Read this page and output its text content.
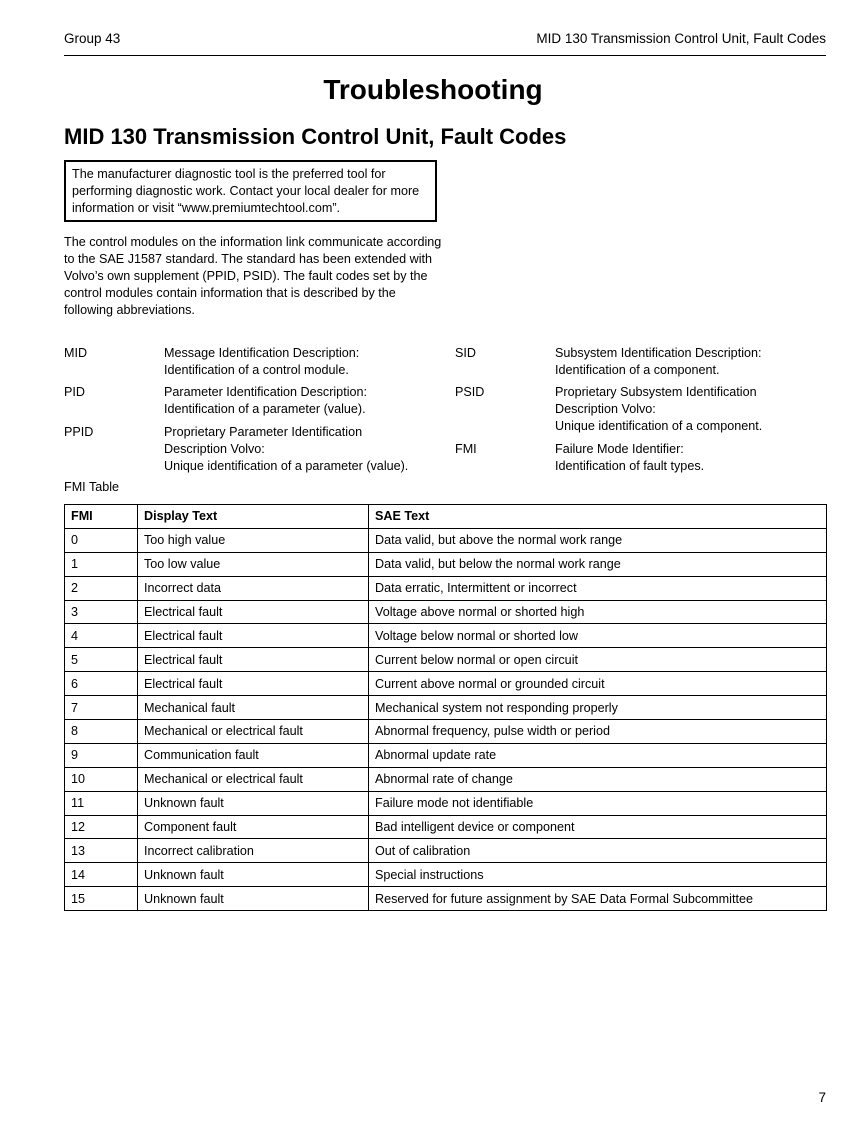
Group 43	MID 130 Transmission Control Unit, Fault Codes
Troubleshooting
MID 130 Transmission Control Unit, Fault Codes
The manufacturer diagnostic tool is the preferred tool for performing diagnostic work. Contact your local dealer for more information or visit “www.premiumtechtool.com”.
The control modules on the information link communicate according to the SAE J1587 standard. The standard has been extended with Volvo’s own supplement (PPID, PSID). The fault codes set by the control modules contain information that is described by the following abbreviations.
MID	Message Identification Description:
Identification of a control module.
PID	Parameter Identification Description:
Identification of a parameter (value).
PPID	Proprietary Parameter Identification
Description Volvo:
Unique identification of a parameter (value).
SID	Subsystem Identification Description:
Identification of a component.
PSID	Proprietary Subsystem Identification
Description Volvo:
Unique identification of a component.
FMI	Failure Mode Identifier:
Identification of fault types.
FMI Table
FMI	Display Text	SAE Text
0	Too high value	Data valid, but above the normal work range
1	Too low value	Data valid, but below the normal work range
2	Incorrect data	Data erratic, Intermittent or incorrect
3	Electrical fault	Voltage above normal or shorted high
4	Electrical fault	Voltage below normal or shorted low
5	Electrical fault	Current below normal or open circuit
6	Electrical fault	Current above normal or grounded circuit
7	Mechanical fault	Mechanical system not responding properly
8	Mechanical or electrical fault	Abnormal frequency, pulse width or period
9	Communication fault	Abnormal update rate
10	Mechanical or electrical fault	Abnormal rate of change
11	Unknown fault	Failure mode not identifiable
12	Component fault	Bad intelligent device or component
13	Incorrect calibration	Out of calibration
14	Unknown fault	Special instructions
15	Unknown fault	Reserved for future assignment by SAE Data Formal Subcommittee
7
